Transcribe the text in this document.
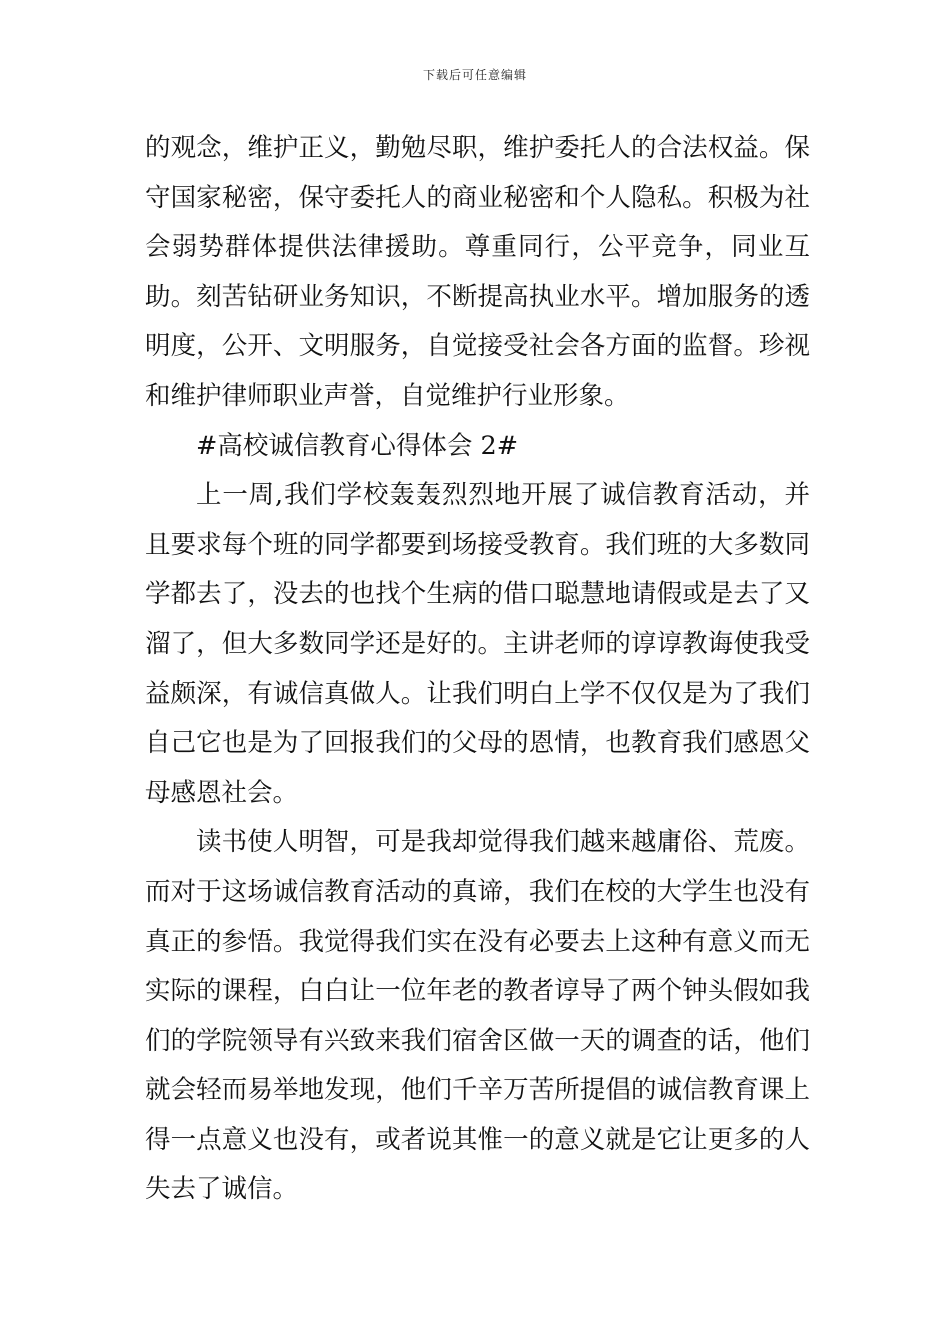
下载后可任意编辑

的观念，维护正义，勤勉尽职，维护委托人的合法权益。保守国家秘密，保守委托人的商业秘密和个人隐私。积极为社会弱势群体提供法律援助。尊重同行，公平竞争，同业互助。刻苦钻研业务知识，不断提高执业水平。增加服务的透明度，公开、文明服务，自觉接受社会各方面的监督。珍视和维护律师职业声誉，自觉维护行业形象。

#高校诚信教育心得体会 2#

上一周,我们学校轰轰烈烈地开展了诚信教育活动，并且要求每个班的同学都要到场接受教育。我们班的大多数同学都去了，没去的也找个生病的借口聪慧地请假或是去了又溜了，但大多数同学还是好的。主讲老师的谆谆教诲使我受益颇深，有诚信真做人。让我们明白上学不仅仅是为了我们自己它也是为了回报我们的父母的恩情，也教育我们感恩父母感恩社会。

读书使人明智，可是我却觉得我们越来越庸俗、荒废。而对于这场诚信教育活动的真谛，我们在校的大学生也没有真正的参悟。我觉得我们实在没有必要去上这种有意义而无实际的课程，白白让一位年老的教者谆导了两个钟头假如我们的学院领导有兴致来我们宿舍区做一天的调查的话，他们就会轻而易举地发现，他们千辛万苦所提倡的诚信教育课上得一点意义也没有，或者说其惟一的意义就是它让更多的人失去了诚信。
